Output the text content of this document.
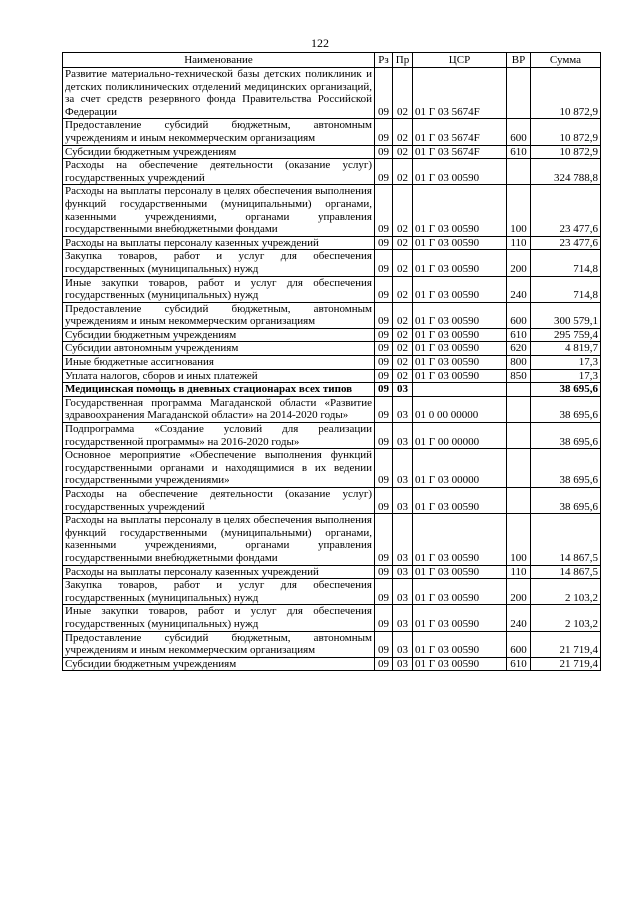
122
Наименование	Рз	Пр	ЦСР	ВР	Сумма
Развитие материально-технической базы детских поликлиник и детских поликлинических отделений медицинских организаций, за счет средств резервного фонда Правительства Российской Федерации	09	02	01 Г 03 5674F		10 872,9
Предоставление субсидий бюджетным, автономным учреждениям и иным некоммерческим организациям	09	02	01 Г 03 5674F	600	10 872,9
Субсидии бюджетным учреждениям	09	02	01 Г 03 5674F	610	10 872,9
Расходы на обеспечение деятельности (оказание услуг) государственных учреждений	09	02	01 Г 03 00590		324 788,8
Расходы на выплаты персоналу в целях обеспечения выполнения функций государственными (муниципальными) органами, казенными учреждениями, органами управления государственными внебюджетными фондами	09	02	01 Г 03 00590	100	23 477,6
Расходы на выплаты персоналу казенных учреждений	09	02	01 Г 03 00590	110	23 477,6
Закупка товаров, работ и услуг для обеспечения государственных (муниципальных) нужд	09	02	01 Г 03 00590	200	714,8
Иные закупки товаров, работ и услуг для обеспечения государственных (муниципальных) нужд	09	02	01 Г 03 00590	240	714,8
Предоставление субсидий бюджетным, автономным учреждениям и иным некоммерческим организациям	09	02	01 Г 03 00590	600	300 579,1
Субсидии бюджетным учреждениям	09	02	01 Г 03 00590	610	295 759,4
Субсидии автономным учреждениям	09	02	01 Г 03 00590	620	4 819,7
Иные бюджетные ассигнования	09	02	01 Г 03 00590	800	17,3
Уплата налогов, сборов и иных платежей	09	02	01 Г 03 00590	850	17,3
Медицинская помощь в дневных стационарах всех типов	09	03			38 695,6
Государственная программа Магаданской области «Развитие здравоохранения Магаданской области» на 2014-2020 годы»	09	03	01 0 00 00000		38 695,6
Подпрограмма «Создание условий для реализации государственной программы» на 2016-2020 годы»	09	03	01 Г 00 00000		38 695,6
Основное мероприятие «Обеспечение выполнения функций государственными органами и находящимися в их ведении государственными учреждениями»	09	03	01 Г 03 00000		38 695,6
Расходы на обеспечение деятельности (оказание услуг) государственных учреждений	09	03	01 Г 03 00590		38 695,6
Расходы на выплаты персоналу в целях обеспечения выполнения функций государственными (муниципальными) органами, казенными учреждениями, органами управления государственными внебюджетными фондами	09	03	01 Г 03 00590	100	14 867,5
Расходы на выплаты персоналу казенных учреждений	09	03	01 Г 03 00590	110	14 867,5
Закупка товаров, работ и услуг для обеспечения государственных (муниципальных) нужд	09	03	01 Г 03 00590	200	2 103,2
Иные закупки товаров, работ и услуг для обеспечения государственных (муниципальных) нужд	09	03	01 Г 03 00590	240	2 103,2
Предоставление субсидий бюджетным, автономным учреждениям и иным некоммерческим организациям	09	03	01 Г 03 00590	600	21 719,4
Субсидии бюджетным учреждениям	09	03	01 Г 03 00590	610	21 719,4
